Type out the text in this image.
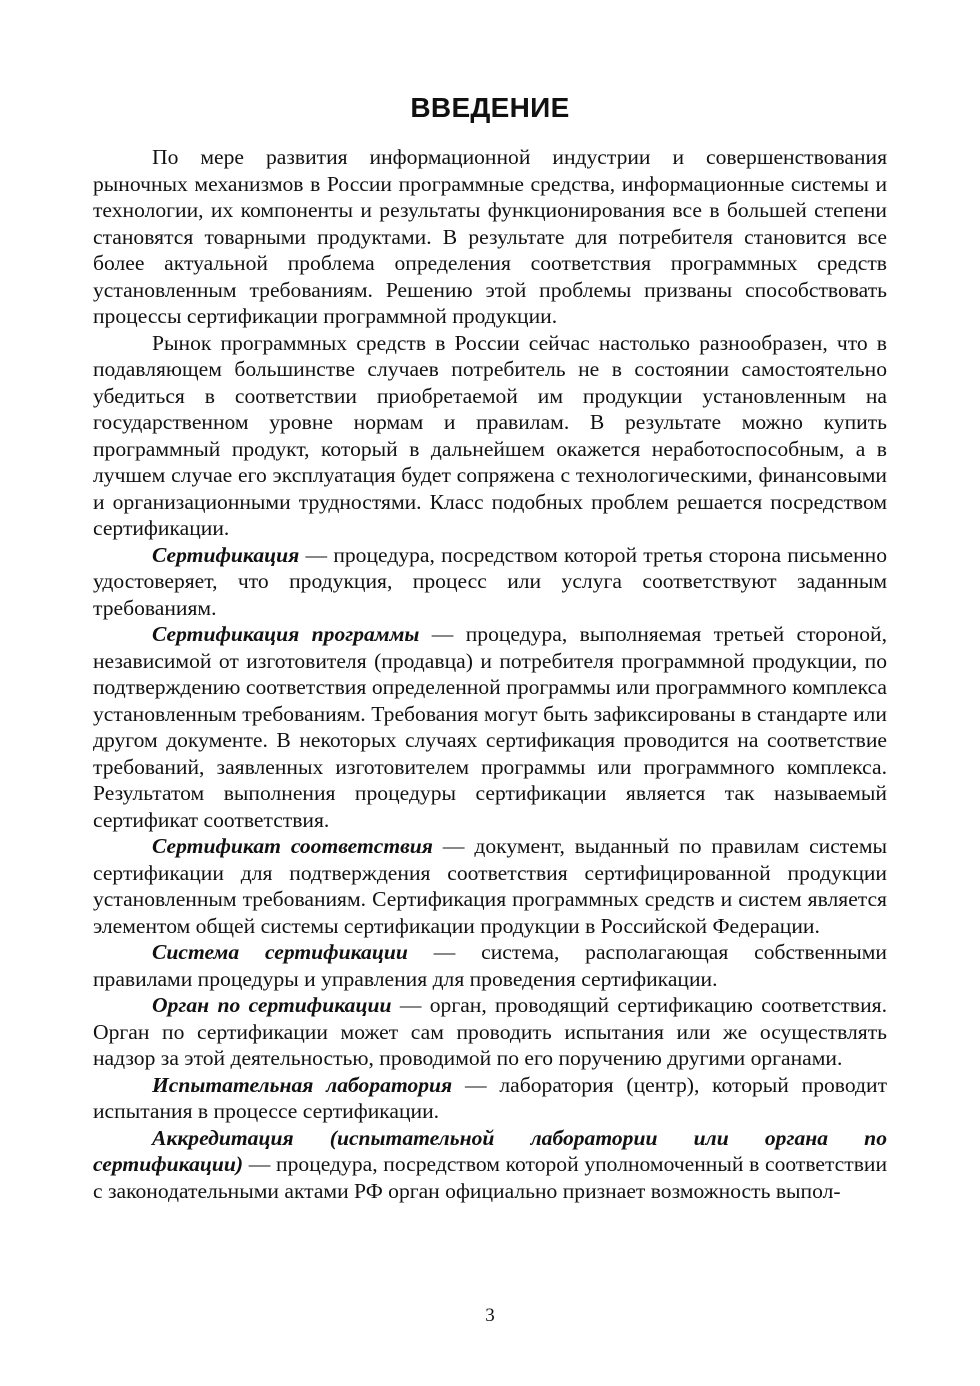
ВВЕДЕНИЕ

По мере развития информационной индустрии и совершенствования рыночных механизмов в России программные средства, информационные системы и технологии, их компоненты и результаты функционирования все в большей степени становятся товарными продуктами. В результате для потребителя становится все более актуальной проблема определения соответствия программных средств установленным требованиям. Решению этой проблемы призваны способствовать процессы сертификации программной продукции.

Рынок программных средств в России сейчас настолько разнообразен, что в подавляющем большинстве случаев потребитель не в состоянии самостоятельно убедиться в соответствии приобретаемой им продукции установленным на государственном уровне нормам и правилам. В результате можно купить программный продукт, который в дальнейшем окажется неработоспособным, а в лучшем случае его эксплуатация будет сопряжена с технологическими, финансовыми и организационными трудностями. Класс подобных проблем решается посредством сертификации.

Сертификация — процедура, посредством которой третья сторона письменно удостоверяет, что продукция, процесс или услуга соответствуют заданным требованиям.

Сертификация программы — процедура, выполняемая третьей стороной, независимой от изготовителя (продавца) и потребителя программной продукции, по подтверждению соответствия определенной программы или программного комплекса установленным требованиям. Требования могут быть зафиксированы в стандарте или другом документе. В некоторых случаях сертификация проводится на соответствие требований, заявленных изготовителем программы или программного комплекса. Результатом выполнения процедуры сертификации является так называемый сертификат соответствия.

Сертификат соответствия — документ, выданный по правилам системы сертификации для подтверждения соответствия сертифицированной продукции установленным требованиям. Сертификация программных средств и систем является элементом общей системы сертификации продукции в Российской Федерации.

Система сертификации — система, располагающая собственными правилами процедуры и управления для проведения сертификации.

Орган по сертификации — орган, проводящий сертификацию соответствия. Орган по сертификации может сам проводить испытания или же осуществлять надзор за этой деятельностью, проводимой по его поручению другими органами.

Испытательная лаборатория — лаборатория (центр), который проводит испытания в процессе сертификации.

Аккредитация (испытательной лаборатории или органа по сертификации) — процедура, посредством которой уполномоченный в соответствии с законодательными актами РФ орган официально признает возможность выпол-

3
